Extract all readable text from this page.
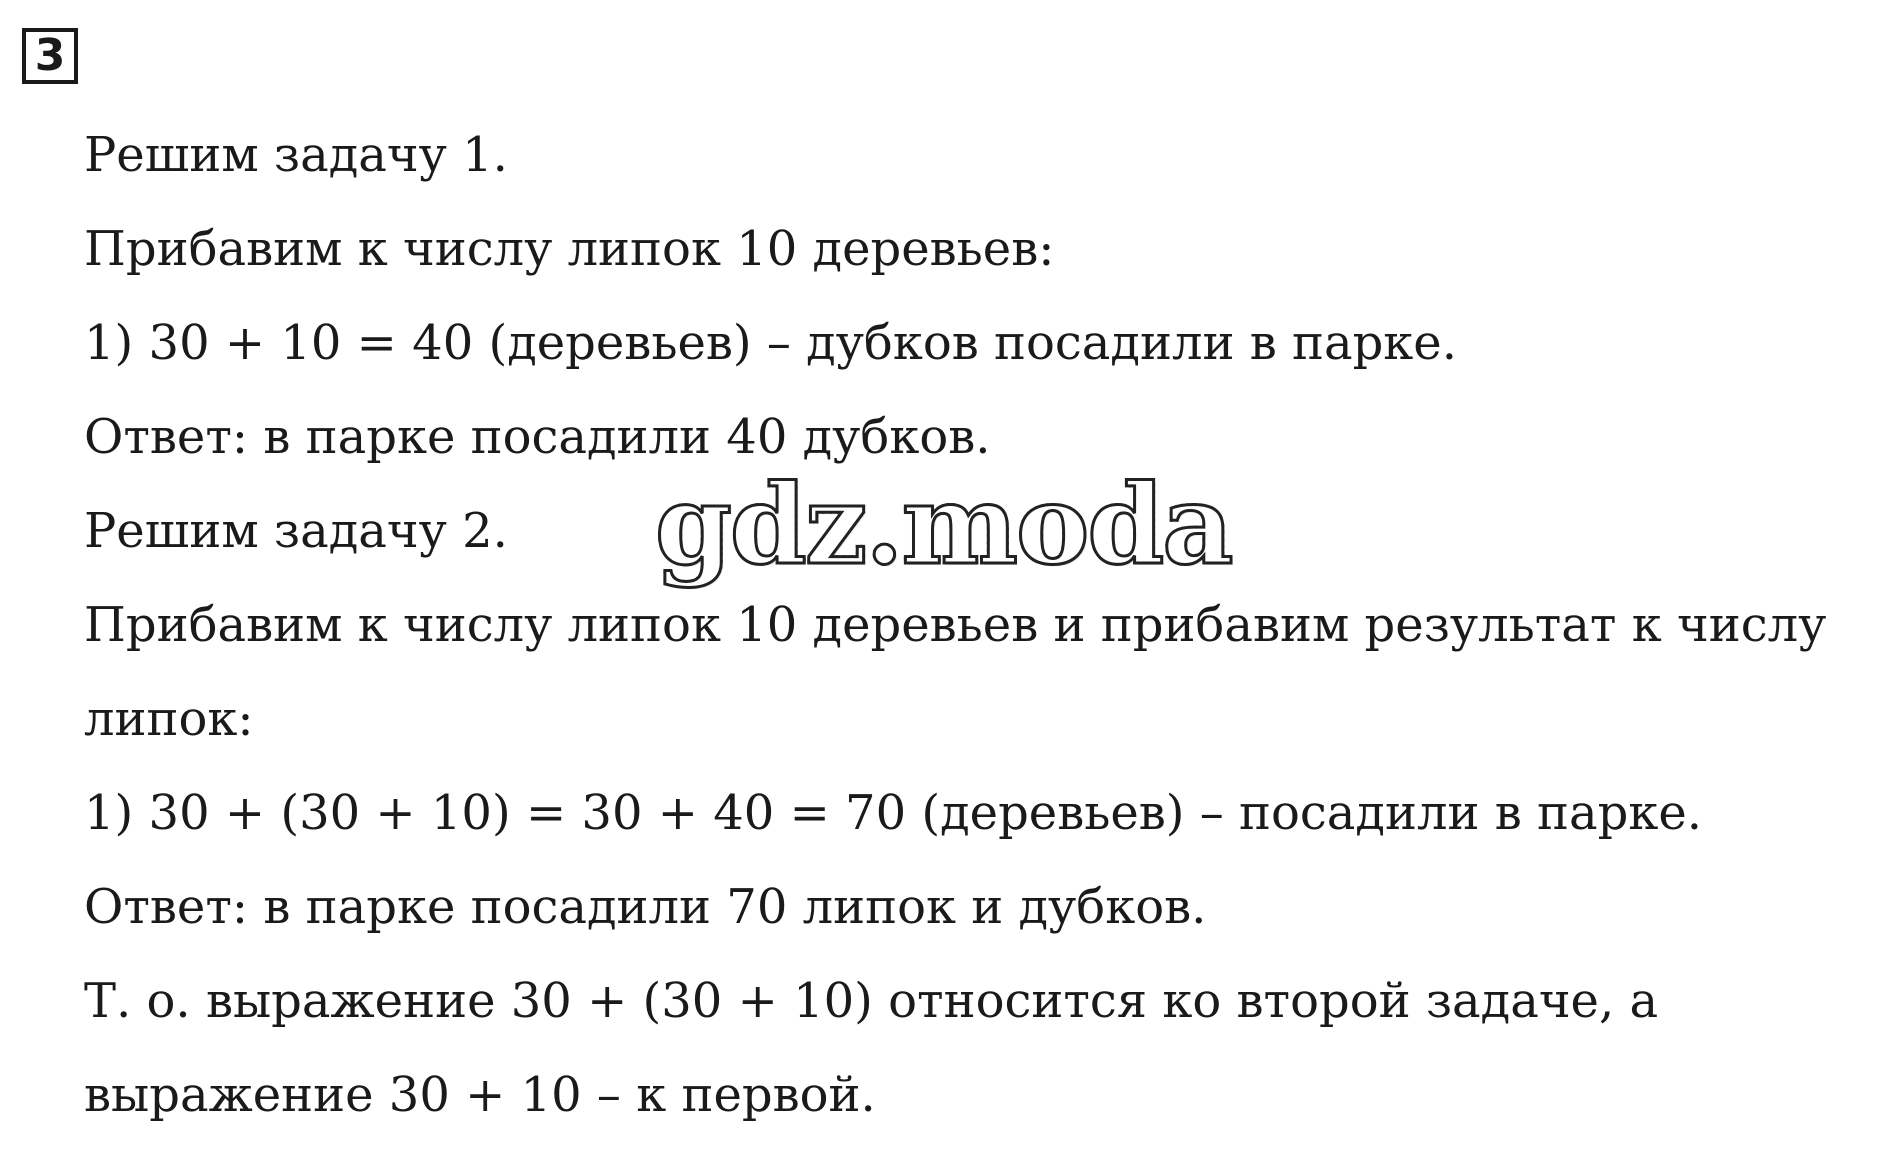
3
Решим задачу 1.
Прибавим к числу липок 10 деревьев:
1) 30 + 10 = 40 (деревьев) – дубков посадили в парке.
Ответ: в парке посадили 40 дубков.
Решим задачу 2.
Прибавим к числу липок 10 деревьев и прибавим результат к числу
липок:
1) 30 + (30 + 10) = 30 + 40 = 70 (деревьев) – посадили в парке.
Ответ: в парке посадили 70 липок и дубков.
Т. о. выражение 30 + (30 + 10) относится ко второй задаче, а
выражение 30 + 10 – к первой.
gdz.moda
